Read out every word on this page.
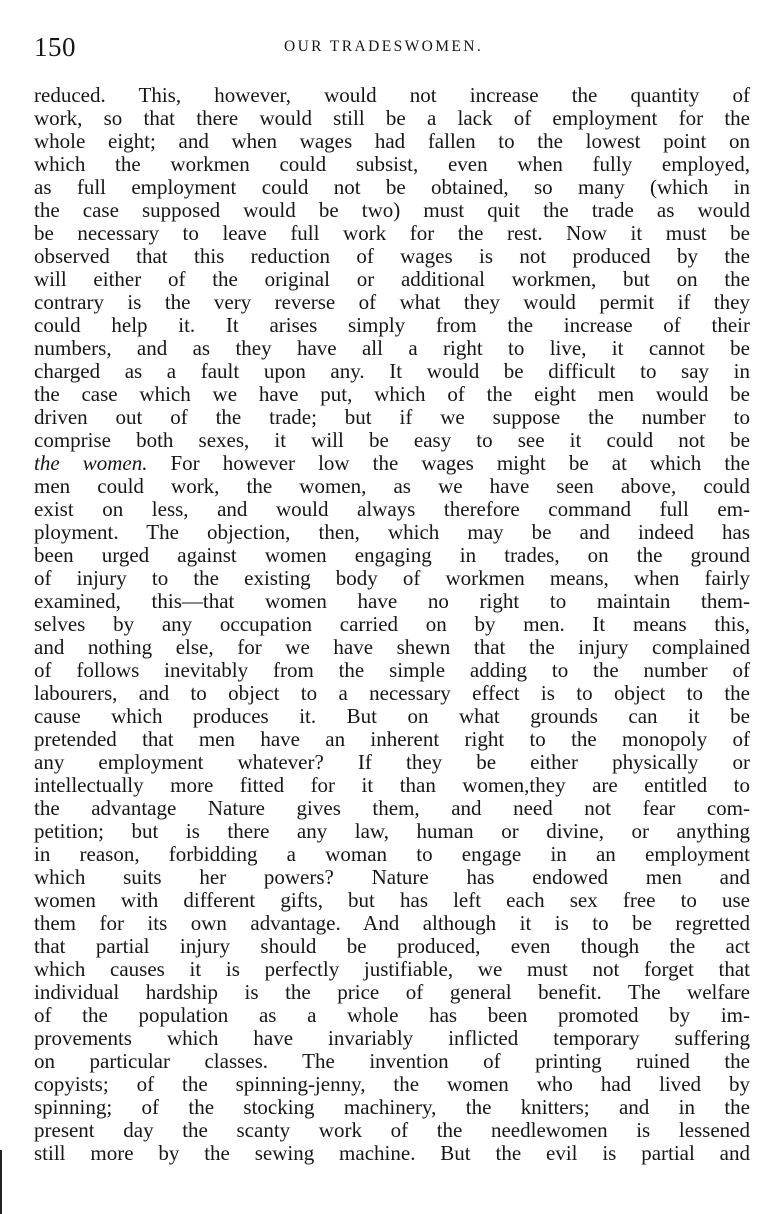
150	OUR TRADESWOMEN.
reduced. This, however, would not increase the quantity of
work, so that there would still be a lack of employment for the
whole eight; and when wages had fallen to the lowest point on
which the workmen could subsist, even when fully employed,
as full employment could not be obtained, so many (which in
the case supposed would be two) must quit the trade as would
be necessary to leave full work for the rest. Now it must be
observed that this reduction of wages is not produced by the
will either of the original or additional workmen, but on the
contrary is the very reverse of what they would permit if they
could help it. It arises simply from the increase of their
numbers, and as they have all a right to live, it cannot be
charged as a fault upon any. It would be difficult to say in
the case which we have put, which of the eight men would be
driven out of the trade; but if we suppose the number to
comprise both sexes, it will be easy to see it could not be
the women. For however low the wages might be at which the
men could work, the women, as we have seen above, could
exist on less, and would always therefore command full em-
ployment. The objection, then, which may be and indeed has
been urged against women engaging in trades, on the ground
of injury to the existing body of workmen means, when fairly
examined, this—that women have no right to maintain them-
selves by any occupation carried on by men. It means this,
and nothing else, for we have shewn that the injury complained
of follows inevitably from the simple adding to the number of
labourers, and to object to a necessary effect is to object to the
cause which produces it. But on what grounds can it be
pretended that men have an inherent right to the monopoly of
any employment whatever? If they be either physically or
intellectually more fitted for it than women,they are entitled to
the advantage Nature gives them, and need not fear com-
petition; but is there any law, human or divine, or anything
in reason, forbidding a woman to engage in an employment
which suits her powers? Nature has endowed men and
women with different gifts, but has left each sex free to use
them for its own advantage. And although it is to be regretted
that partial injury should be produced, even though the act
which causes it is perfectly justifiable, we must not forget that
individual hardship is the price of general benefit. The welfare
of the population as a whole has been promoted by im-
provements which have invariably inflicted temporary suffering
on particular classes. The invention of printing ruined the
copyists; of the spinning-jenny, the women who had lived by
spinning; of the stocking machinery, the knitters; and in the
present day the scanty work of the needlewomen is lessened
still more by the sewing machine. But the evil is partial and
